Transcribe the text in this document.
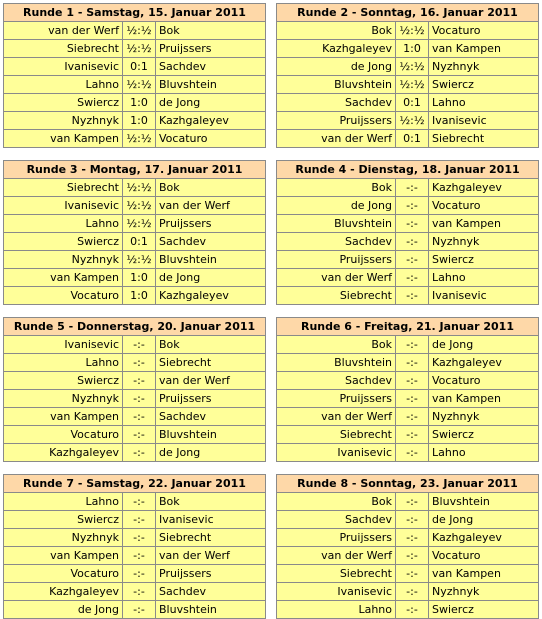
Runde 1 - Samstag, 15. Januar 2011		
van der Werf	½:½	Bok
Siebrecht	½:½	Pruijssers
Ivanisevic	0:1	Sachdev
Lahno	½:½	Bluvshtein
Swiercz	1:0	de Jong
Nyzhnyk	1:0	Kazhgaleyev
van Kampen	½:½	Vocaturo
Runde 2 - Sonntag, 16. Januar 2011		
Bok	½:½	Vocaturo
Kazhgaleyev	1:0	van Kampen
de Jong	½:½	Nyzhnyk
Bluvshtein	½:½	Swiercz
Sachdev	0:1	Lahno
Pruijssers	½:½	Ivanisevic
van der Werf	0:1	Siebrecht
Runde 3 - Montag, 17. Januar 2011		
Siebrecht	½:½	Bok
Ivanisevic	½:½	van der Werf
Lahno	½:½	Pruijssers
Swiercz	0:1	Sachdev
Nyzhnyk	½:½	Bluvshtein
van Kampen	1:0	de Jong
Vocaturo	1:0	Kazhgaleyev
Runde 4 - Dienstag, 18. Januar 2011		
Bok	-:-	Kazhgaleyev
de Jong	-:-	Vocaturo
Bluvshtein	-:-	van Kampen
Sachdev	-:-	Nyzhnyk
Pruijssers	-:-	Swiercz
van der Werf	-:-	Lahno
Siebrecht	-:-	Ivanisevic
Runde 5 - Donnerstag, 20. Januar 2011		
Ivanisevic	-:-	Bok
Lahno	-:-	Siebrecht
Swiercz	-:-	van der Werf
Nyzhnyk	-:-	Pruijssers
van Kampen	-:-	Sachdev
Vocaturo	-:-	Bluvshtein
Kazhgaleyev	-:-	de Jong
Runde 6 - Freitag, 21. Januar 2011		
Bok	-:-	de Jong
Bluvshtein	-:-	Kazhgaleyev
Sachdev	-:-	Vocaturo
Pruijssers	-:-	van Kampen
van der Werf	-:-	Nyzhnyk
Siebrecht	-:-	Swiercz
Ivanisevic	-:-	Lahno
Runde 7 - Samstag, 22. Januar 2011		
Lahno	-:-	Bok
Swiercz	-:-	Ivanisevic
Nyzhnyk	-:-	Siebrecht
van Kampen	-:-	van der Werf
Vocaturo	-:-	Pruijssers
Kazhgaleyev	-:-	Sachdev
de Jong	-:-	Bluvshtein
Runde 8 - Sonntag, 23. Januar 2011		
Bok	-:-	Bluvshtein
Sachdev	-:-	de Jong
Pruijssers	-:-	Kazhgaleyev
van der Werf	-:-	Vocaturo
Siebrecht	-:-	van Kampen
Ivanisevic	-:-	Nyzhnyk
Lahno	-:-	Swiercz
